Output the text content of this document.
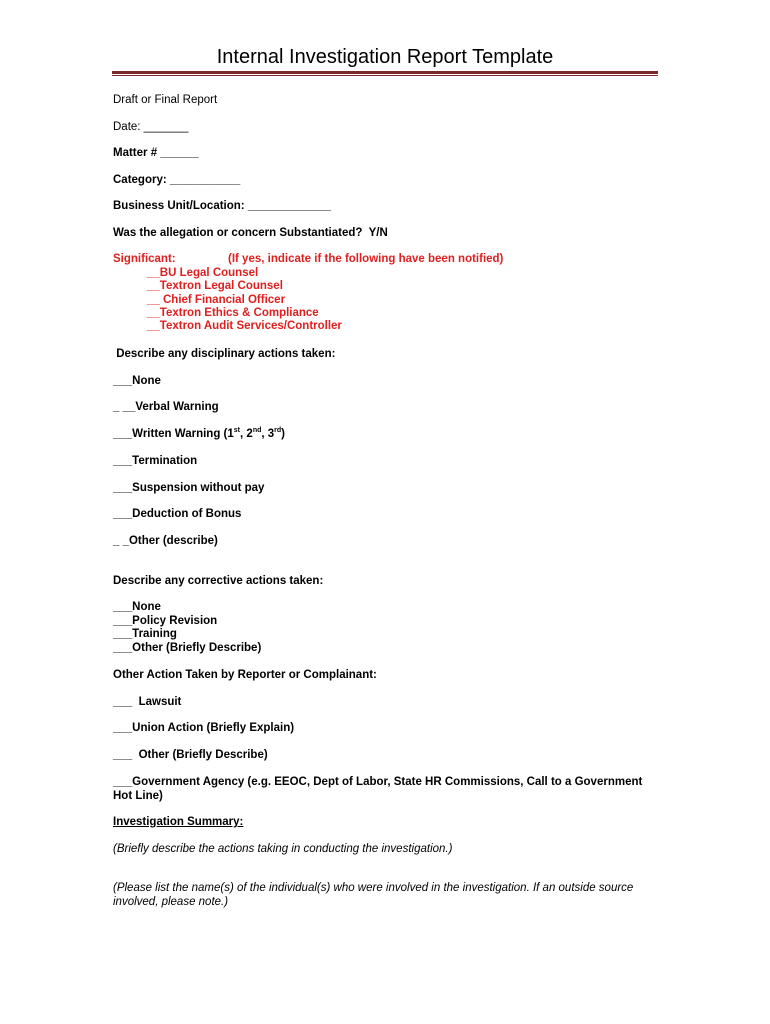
Internal Investigation Report Template
Draft or Final Report
Date: _______
Matter # ______
Category: ___________
Business Unit/Location: _____________
Was the allegation or concern Substantiated?  Y/N
Significant:	(If yes, indicate if the following have been notified)
__BU Legal Counsel
__Textron Legal Counsel
__ Chief Financial Officer
__Textron Ethics & Compliance
__Textron Audit Services/Controller
Describe any disciplinary actions taken:
___None
_ __Verbal Warning
___Written Warning (1st, 2nd, 3rd)
___Termination
___Suspension without pay
___Deduction of Bonus
_ _Other (describe)
Describe any corrective actions taken:
___None
___Policy Revision
___Training
___Other (Briefly Describe)
Other Action Taken by Reporter or Complainant:
___  Lawsuit
___Union Action (Briefly Explain)
___  Other (Briefly Describe)
___Government Agency (e.g. EEOC, Dept of Labor, State HR Commissions, Call to a Government Hot Line)
Investigation Summary:
(Briefly describe the actions taking in conducting the investigation.)
(Please list the name(s) of the individual(s) who were involved in the investigation. If an outside source involved, please note.)
